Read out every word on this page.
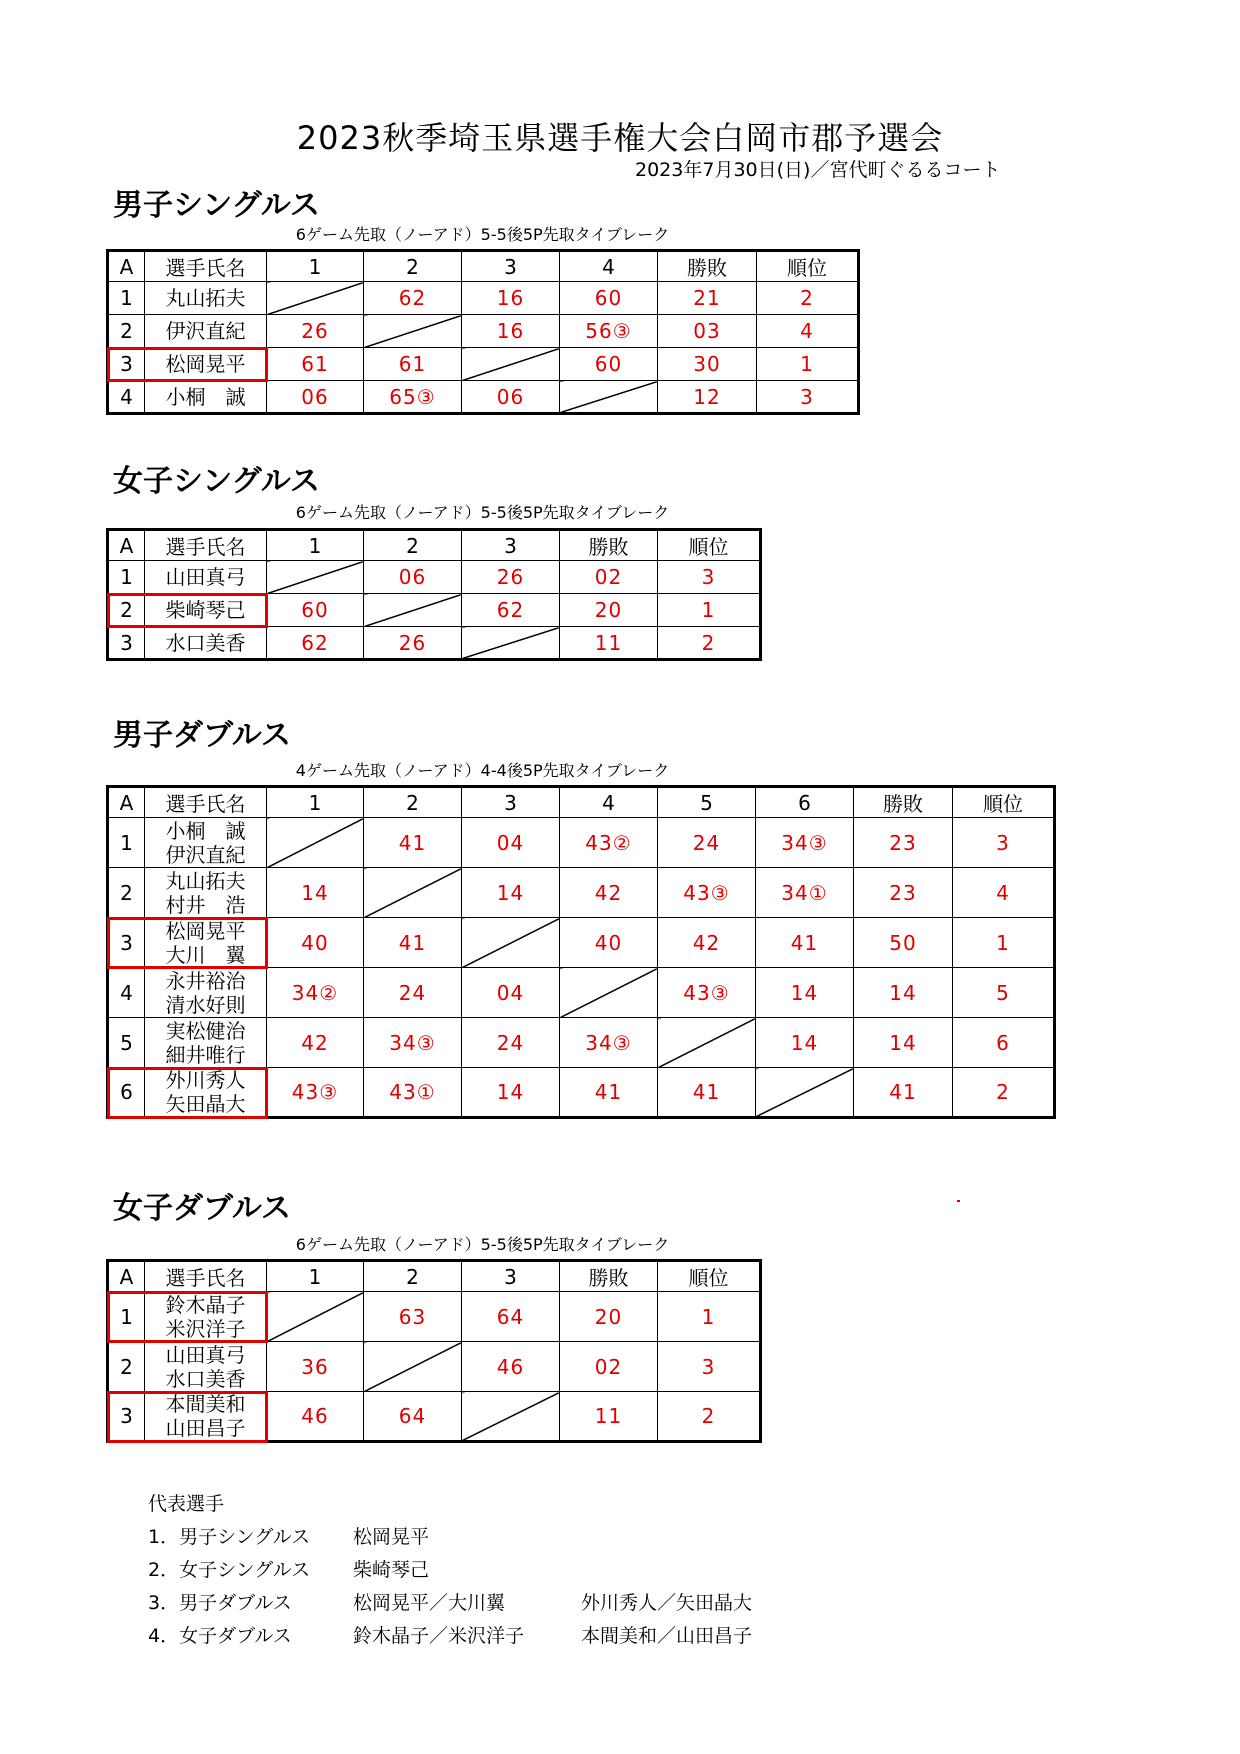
2023秋季埼玉県選手権大会白岡市郡予選会
2023年7月30日(日)／宮代町ぐるるコート
男子シングルス
6ゲーム先取（ノーアド）5-5後5P先取タイブレーク
A	選手氏名	1	2	3	4	勝敗	順位
1	丸山拓夫		62	16	60	21	2
2	伊沢直紀	26		16	56③	03	4
3	松岡晃平	61	61		60	30	1
4	小桐　誠	06	65③	06		12	3
女子シングルス
6ゲーム先取（ノーアド）5-5後5P先取タイブレーク
A	選手氏名	1	2	3	勝敗	順位
1	山田真弓		06	26	02	3
2	柴崎琴己	60		62	20	1
3	水口美香	62	26		11	2
男子ダブルス
4ゲーム先取（ノーアド）4-4後5P先取タイブレーク
A	選手氏名	1	2	3	4	5	6	勝敗	順位
1	小桐　誠
伊沢直紀		41	04	43②	24	34③	23	3
2	丸山拓夫
村井　浩	14		14	42	43③	34①	23	4
3	松岡晃平
大川　翼	40	41		40	42	41	50	1
4	永井裕治
清水好則	34②	24	04		43③	14	14	5
5	実松健治
細井唯行	42	34③	24	34③		14	14	6
6	外川秀人
矢田晶大	43③	43①	14	41	41		41	2
女子ダブルス
6ゲーム先取（ノーアド）5-5後5P先取タイブレーク
A	選手氏名	1	2	3	勝敗	順位
1	鈴木晶子
米沢洋子		63	64	20	1
2	山田真弓
水口美香	36		46	02	3
3	本間美和
山田昌子	46	64		11	2
代表選手
1．男子シングルス 松岡晃平
2．女子シングルス 柴崎琴己
3．男子ダブルス	松岡晃平／大川翼	外川秀人／矢田晶大
4．女子ダブルス	鈴木晶子／米沢洋子	本間美和／山田昌子
